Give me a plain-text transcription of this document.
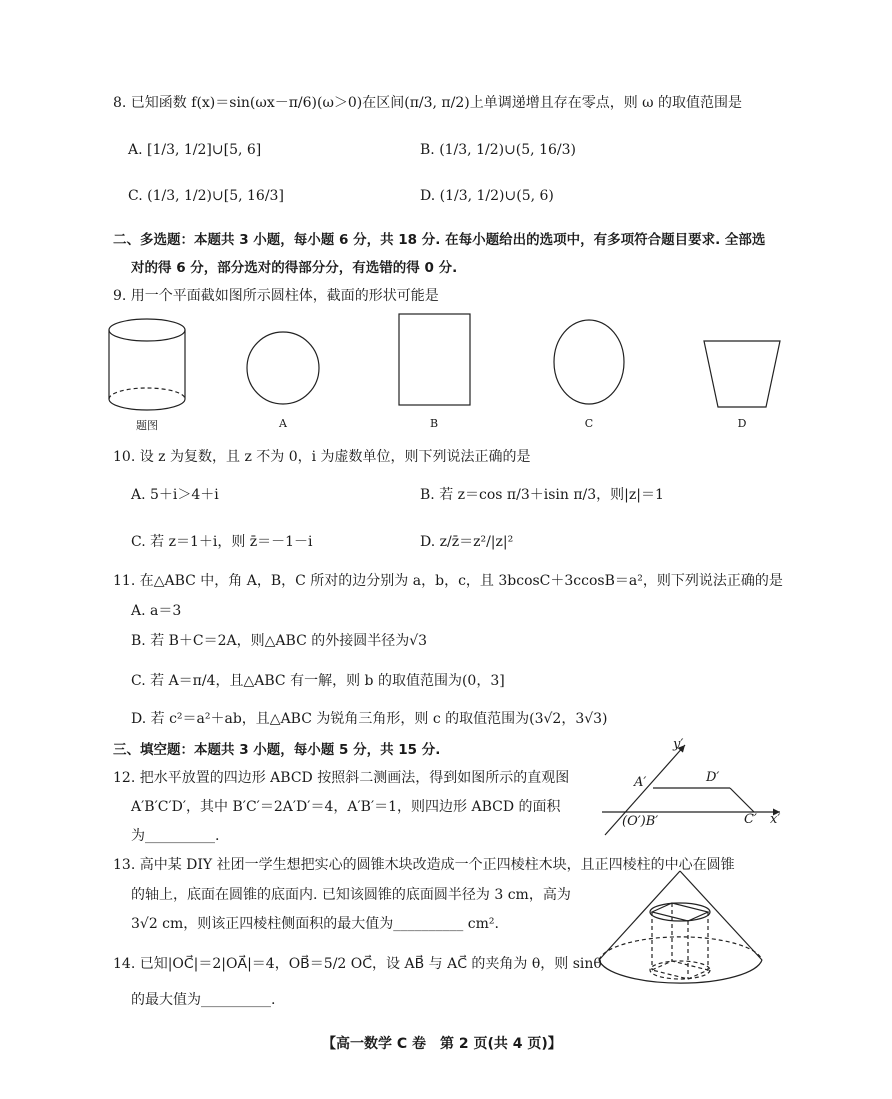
8. 已知函数 f(x)＝sin(ωx－π/6)(ω＞0)在区间(π/3, π/2)上单调递增且存在零点，则 ω 的取值范围是
A. [1/3, 1/2]∪[5, 6]	B. (1/3, 1/2)∪(5, 16/3)
C. (1/3, 1/2)∪[5, 16/3]	D. (1/3, 1/2)∪(5, 6)
二、多选题：本题共 3 小题，每小题 6 分，共 18 分. 在每小题给出的选项中，有多项符合题目要求. 全部选
对的得 6 分，部分选对的得部分分，有选错的得 0 分.
9. 用一个平面截如图所示圆柱体，截面的形状可能是
题图	A	B	C	D
10. 设 z 为复数，且 z 不为 0，i 为虚数单位，则下列说法正确的是
A. 5＋i＞4＋i	B. 若 z＝cos π/3＋isin π/3，则|z|＝1
C. 若 z＝1＋i，则 z̄＝－1－i	D. z/z̄＝z²/|z|²
11. 在△ABC 中，角 A，B，C 所对的边分别为 a，b，c，且 3bcosC＋3ccosB＝a²，则下列说法正确的是
A. a＝3
B. 若 B＋C＝2A，则△ABC 的外接圆半径为√3
C. 若 A＝π/4，且△ABC 有一解，则 b 的取值范围为(0，3]
D. 若 c²＝a²＋ab，且△ABC 为锐角三角形，则 c 的取值范围为(3√2，3√3)
三、填空题：本题共 3 小题，每小题 5 分，共 15 分.
12. 把水平放置的四边形 ABCD 按照斜二测画法，得到如图所示的直观图
A′B′C′D′，其中 B′C′＝2A′D′＝4，A′B′＝1，则四边形 ABCD 的面积
为__________.
y′
x′
A′	D′
(O′)B′	C′
13. 高中某 DIY 社团一学生想把实心的圆锥木块改造成一个正四棱柱木块，且正四棱柱的中心在圆锥
的轴上，底面在圆锥的底面内. 已知该圆锥的底面圆半径为 3 cm，高为
3√2 cm，则该正四棱柱侧面积的最大值为__________ cm².
14. 已知|OC⃗|＝2|OA⃗|＝4，OB⃗＝5/2 OC⃗，设 AB⃗ 与 AC⃗ 的夹角为 θ，则 sinθ
的最大值为__________.
【高一数学 C 卷　第 2 页(共 4 页)】
